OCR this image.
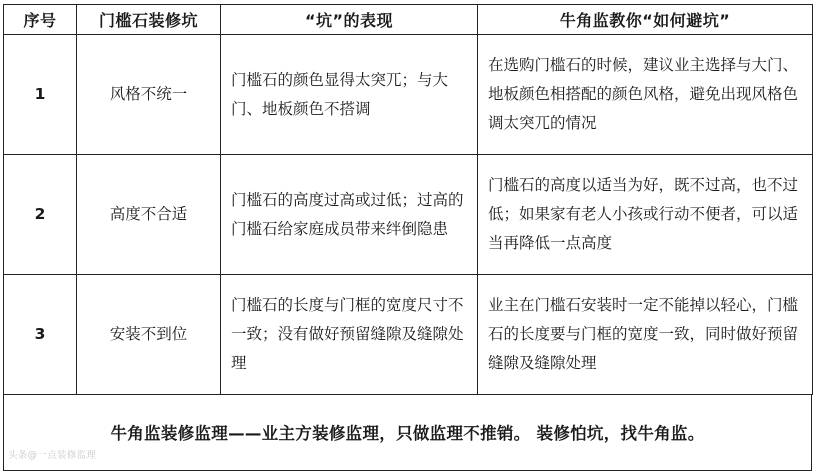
序号	门槛石装修坑	“坑”的表现	牛角监教你“如何避坑”
1	风格不统一	门槛石的颜色显得太突兀；与大门、地板颜色不搭调	在选购门槛石的时候，建议业主选择与大门、地板颜色相搭配的颜色风格，避免出现风格色调太突兀的情况
2	高度不合适	门槛石的高度过高或过低；过高的门槛石给家庭成员带来绊倒隐患	门槛石的高度以适当为好，既不过高，也不过低；如果家有老人小孩或行动不便者，可以适当再降低一点高度
3	安装不到位	门槛石的长度与门框的宽度尺寸不一致；没有做好预留缝隙及缝隙处理	业主在门槛石安装时一定不能掉以轻心，门槛石的长度要与门框的宽度一致，同时做好预留缝隙及缝隙处理
牛角监装修监理——业主方装修监理，只做监理不推销。 装修怕坑，找牛角监。
头条@一点装修监理
